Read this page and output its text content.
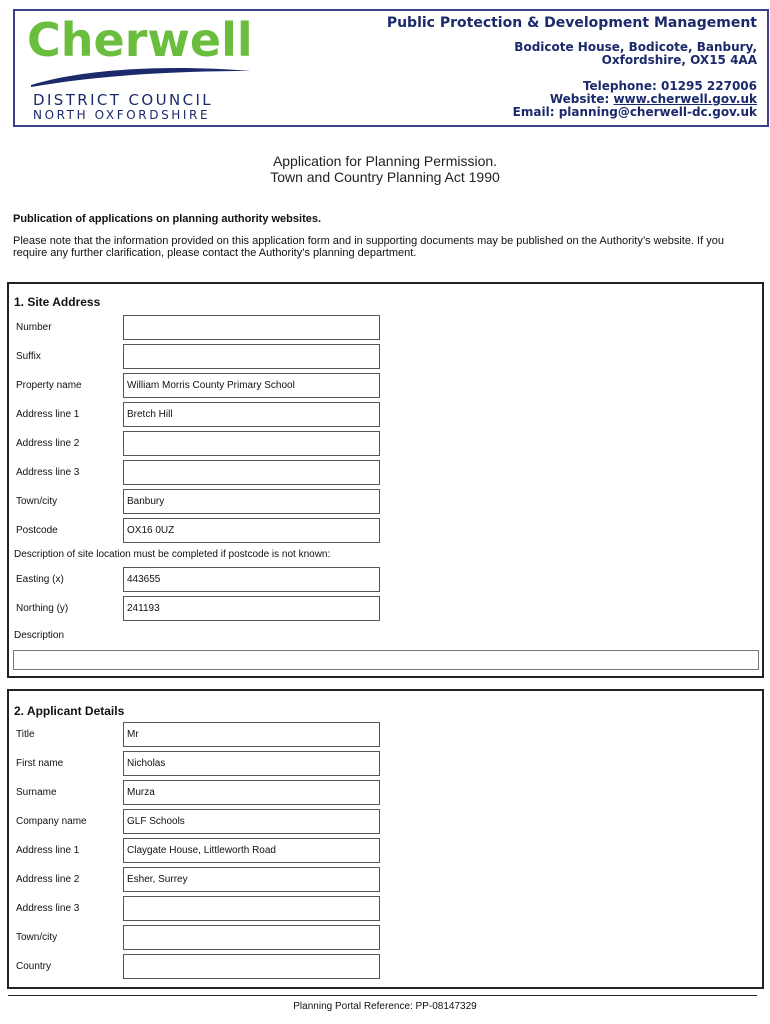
Cherwell
DISTRICT COUNCIL
NORTH OXFORDSHIRE
Public Protection & Development Management
Bodicote House, Bodicote, Banbury,
Oxfordshire, OX15 4AA
Telephone: 01295 227006
Website: www.cherwell.gov.uk
Email: planning@cherwell-dc.gov.uk
Application for Planning Permission.
Town and Country Planning Act 1990
Publication of applications on planning authority websites.
Please note that the information provided on this application form and in supporting documents may be published on the Authority’s website. If you require any further clarification, please contact the Authority’s planning department.
1. Site Address
Number
Suffix
Property name	William Morris County Primary School
Address line 1	Bretch Hill
Address line 2
Address line 3
Town/city	Banbury
Postcode	OX16 0UZ
Description of site location must be completed if postcode is not known:
Easting (x)	443655
Northing (y)	241193
Description
2. Applicant Details
Title	Mr
First name	Nicholas
Surname	Murza
Company name	GLF Schools
Address line 1	Claygate House, Littleworth Road
Address line 2	Esher, Surrey
Address line 3
Town/city
Country
Planning Portal Reference: PP-08147329
